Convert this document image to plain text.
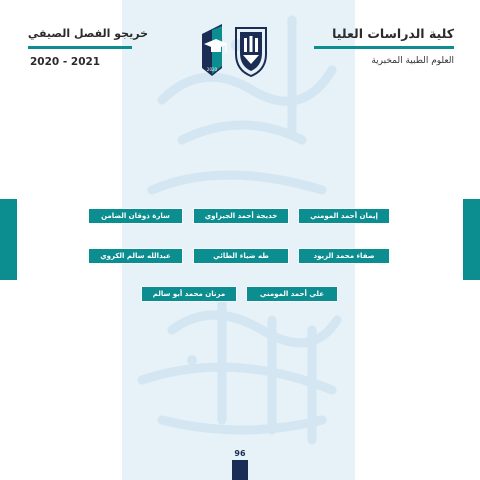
كلية الدراسات العليا
العلوم الطبية المخبرية
خريجو الفصل الصيفي
2020 - 2021
2020
إيمان أحمد المومني
خديجة أحمد الجيزاوي
سارة ذوقان الضامن
صفاء محمد الزيود
طه ضياء الطائي
عبدالله سالم الكروي
علي أحمد المومني
مرنان محمد أبو سالم
96
